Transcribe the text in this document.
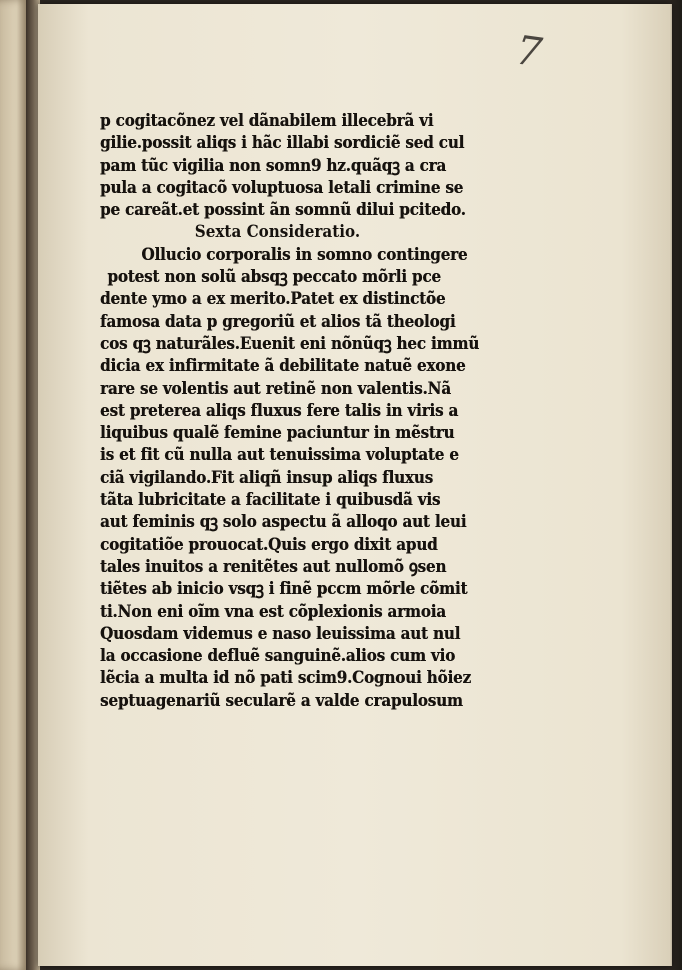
7
p cogitacõnez vel dãnabilem illecebrã vi
gilie.possit aliqs i hãc illabi sordiciẽ sed cul
pam tũc vigilia non somn9 hz.quãqꝫ a cra
pula a cogitacõ voluptuosa letali crimine se
pe careãt.et possint ãn somnũ dilui pcitedo.
Sexta Consideratio.
Ollucio corporalis in somno contingere
potest non solũ absqꝫ peccato mõrli pce
dente ymo a ex merito.Patet ex distinctõe
famosa data p gregoriũ et alios tã theologi
cos qꝫ naturãles.Euenit eni nõnũqꝫ hec immũ
dicia ex infirmitate ã debilitate natuẽ exone
rare se volentis aut retinẽ non valentis.Nã
est preterea aliqs fluxus fere talis in viris a
liquibus qualẽ femine paciuntur in mẽstru
is et fit cũ nulla aut tenuissima voluptate e
ciã vigilando.Fit aliqñ insup aliqs fluxus
tãta lubricitate a facilitate i quibusdã vis
aut feminis qꝫ solo aspectu ã alloqo aut leui
cogitatiõe prouocat.Quis ergo dixit apud
tales inuitos a renitẽtes aut nullomõ ꝯsen
tiẽtes ab inicio vsqꝫ i finẽ pccm mõrle cõmit
ti.Non eni oĩm vna est cõplexionis armoia
Quosdam videmus e naso leuissima aut nul
la occasione defluẽ sanguinẽ.alios cum vio
lẽcia a multa id nõ pati scim9.Cognoui hõiez
septuagenariũ secularẽ a valde crapulosum
